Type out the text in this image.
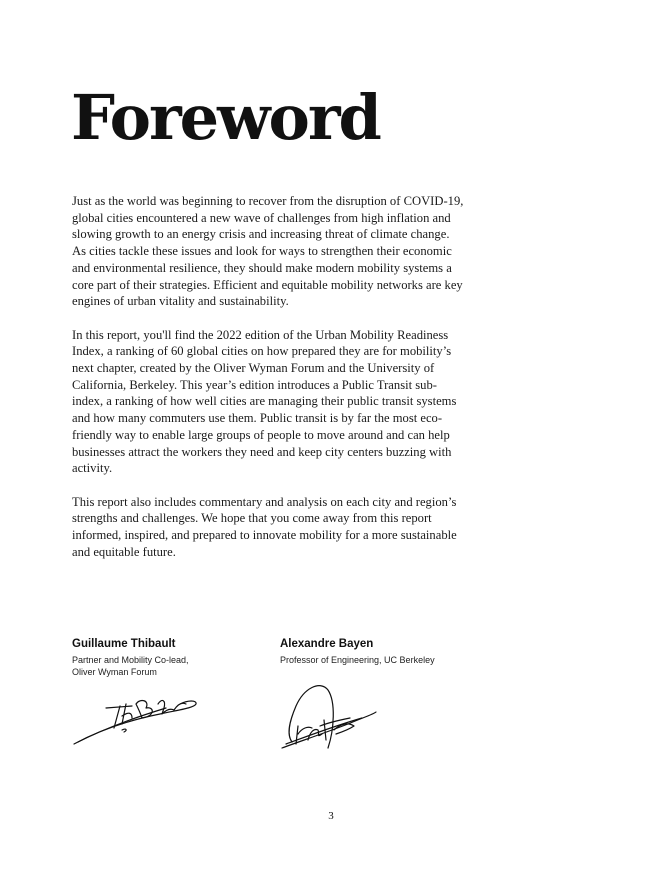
Foreword

Just as the world was beginning to recover from the disruption of COVID-19, global cities encountered a new wave of challenges from high inflation and slowing growth to an energy crisis and increasing threat of climate change. As cities tackle these issues and look for ways to strengthen their economic and environmental resilience, they should make modern mobility systems a core part of their strategies. Efficient and equitable mobility networks are key engines of urban vitality and sustainability.

In this report, you'll find the 2022 edition of the Urban Mobility Readiness Index, a ranking of 60 global cities on how prepared they are for mobility’s next chapter, created by the Oliver Wyman Forum and the University of California, Berkeley. This year’s edition introduces a Public Transit sub-index, a ranking of how well cities are managing their public transit systems and how many commuters use them. Public transit is by far the most eco-friendly way to enable large groups of people to move around and can help businesses attract the workers they need and keep city centers buzzing with activity.

This report also includes commentary and analysis on each city and region’s strengths and challenges. We hope that you come away from this report informed, inspired, and prepared to innovate mobility for a more sustainable and equitable future.

Guillaume Thibault
Partner and Mobility Co-lead,
Oliver Wyman Forum
Alexandre Bayen
Professor of Engineering, UC Berkeley
3
